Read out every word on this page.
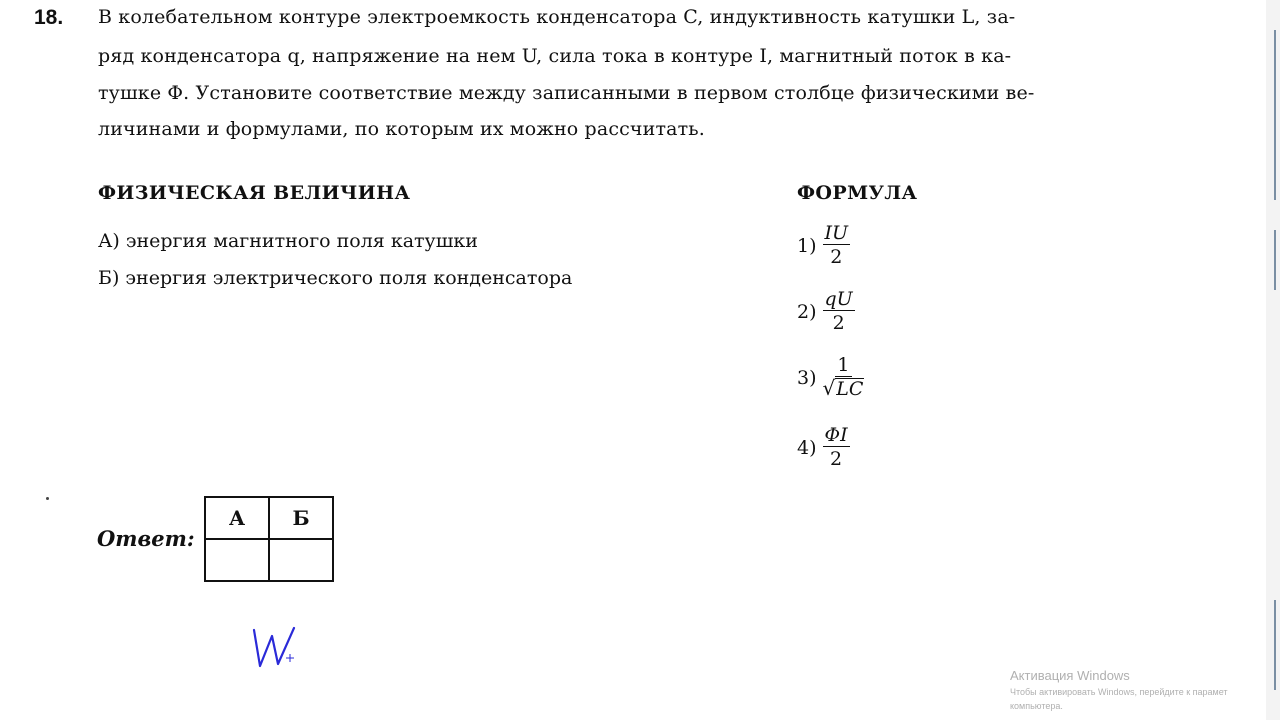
18. В колебательном контуре электроемкость конденсатора C, индуктивность катушки L, за-
ряд конденсатора q, напряжение на нем U, сила тока в контуре I, магнитный поток в ка-
тушке Φ. Установите соответствие между записанными в первом столбце физическими ве-
личинами и формулами, по которым их можно рассчитать.
ФИЗИЧЕСКАЯ ВЕЛИЧИНА	ФОРМУЛА
А) энергия магнитного поля катушки
Б) энергия электрического поля конденсатора
$1) \frac{IU}{2}$
$2) \frac{qU}{2}$
$3) \frac{1}{√ LC}$
$4) \frac{\Phi I}{2}$
Ответ:
А	Б

Активация Windows
Чтобы активировать Windows, перейдите к парамет
компьютера.
